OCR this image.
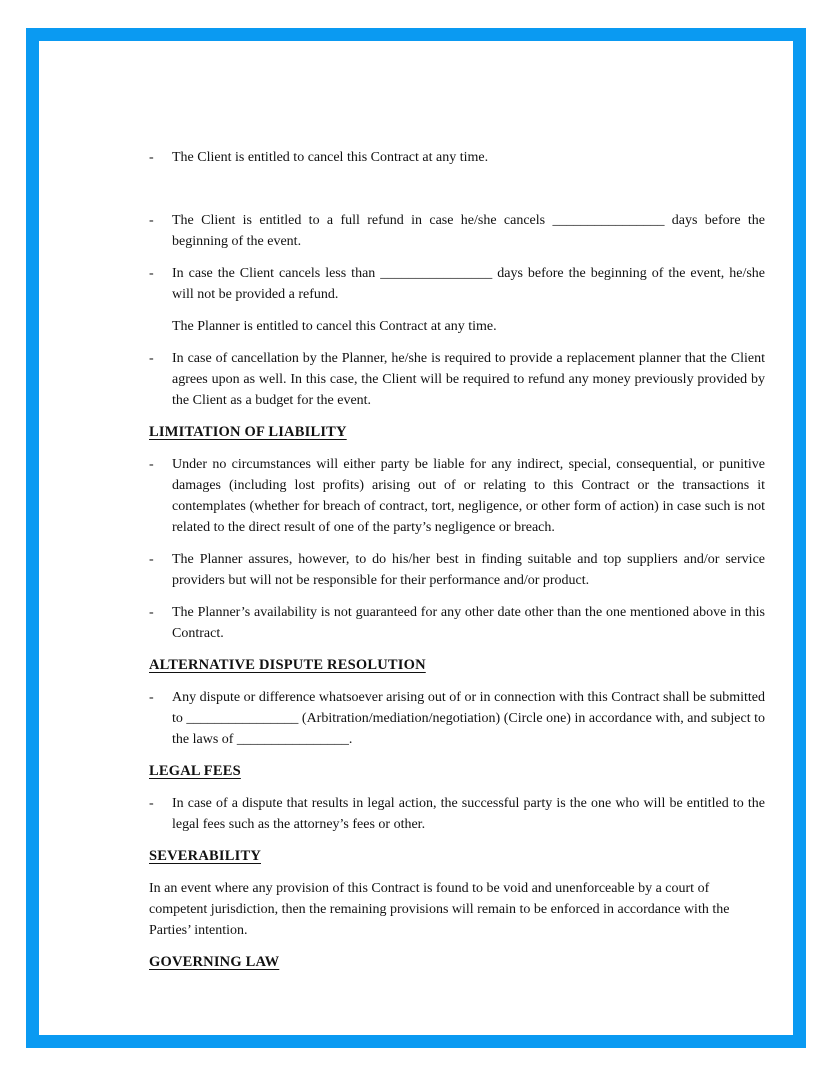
-	The Client is entitled to cancel this Contract at any time.

-	The Client is entitled to a full refund in case he/she cancels ________________ days before the beginning of the event.

-	In case the Client cancels less than ________________ days before the beginning of the event, he/she will not be provided a refund.

The Planner is entitled to cancel this Contract at any time.

-	In case of cancellation by the Planner, he/she is required to provide a replacement planner that the Client agrees upon as well. In this case, the Client will be required to refund any money previously provided by the Client as a budget for the event.

LIMITATION OF LIABILITY
-	Under no circumstances will either party be liable for any indirect, special, consequential, or punitive damages (including lost profits) arising out of or relating to this Contract or the transactions it contemplates (whether for breach of contract, tort, negligence, or other form of action) in case such is not related to the direct result of one of the party’s negligence or breach.

-	The Planner assures, however, to do his/her best in finding suitable and top suppliers and/or service providers but will not be responsible for their performance and/or product.

-	The Planner’s availability is not guaranteed for any other date other than the one mentioned above in this Contract.

ALTERNATIVE DISPUTE RESOLUTION
-	Any dispute or difference whatsoever arising out of or in connection with this Contract shall be submitted to ________________ (Arbitration/mediation/negotiation) (Circle one) in accordance with, and subject to the laws of ________________.

LEGAL FEES
-	In case of a dispute that results in legal action, the successful party is the one who will be entitled to the legal fees such as the attorney’s fees or other.

SEVERABILITY

In an event where any provision of this Contract is found to be void and unenforceable by a court of competent jurisdiction, then the remaining provisions will remain to be enforced in accordance with the Parties’ intention.

GOVERNING LAW
